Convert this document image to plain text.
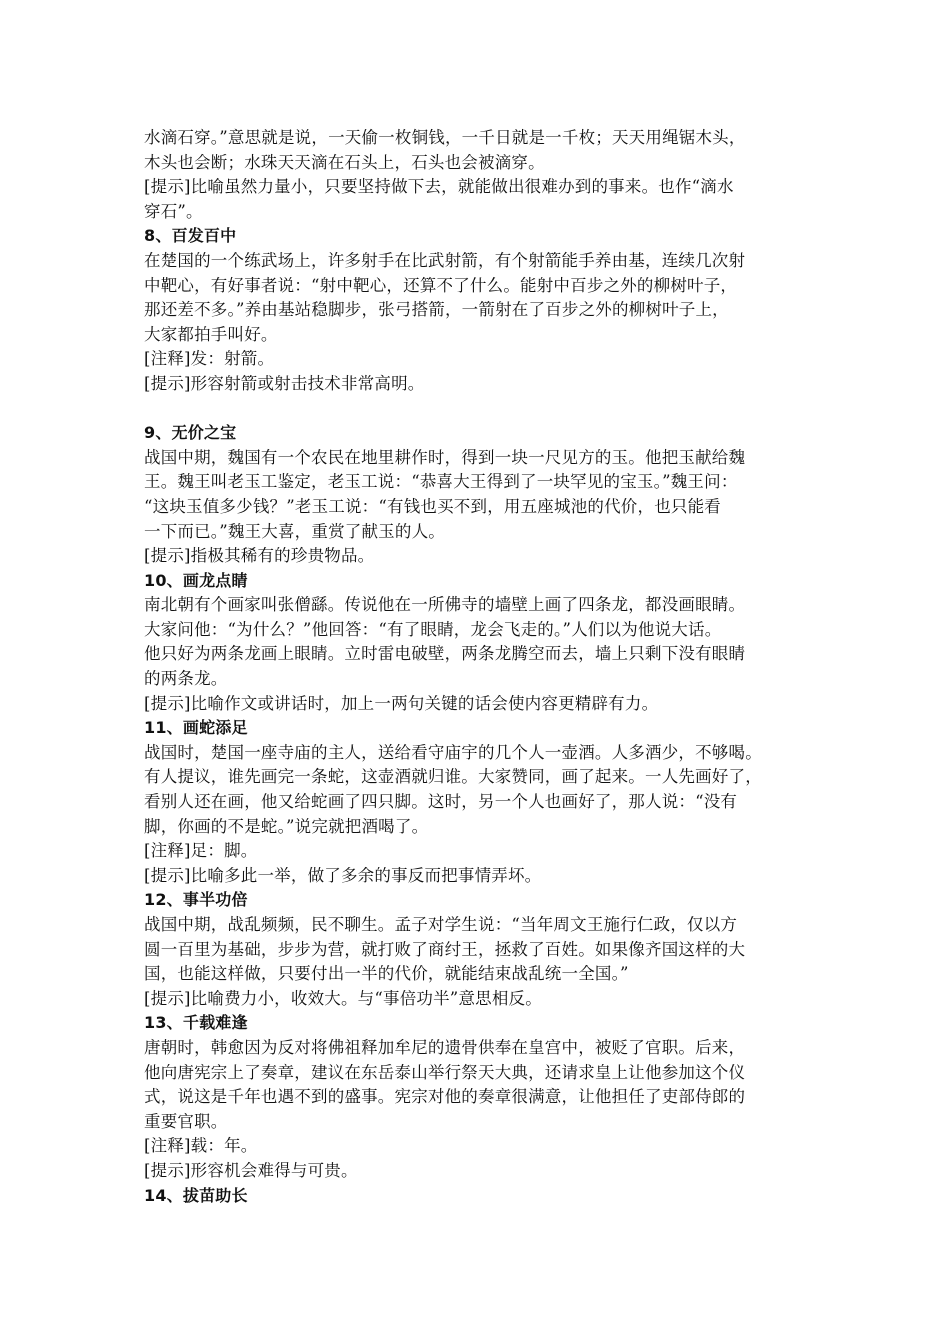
水滴石穿。”意思就是说，一天偷一枚铜钱，一千日就是一千枚；天天用绳锯木头，
木头也会断；水珠天天滴在石头上，石头也会被滴穿。
[提示]比喻虽然力量小，只要坚持做下去，就能做出很难办到的事来。也作“滴水
穿石”。
8、百发百中
在楚国的一个练武场上，许多射手在比武射箭，有个射箭能手养由基，连续几次射
中靶心，有好事者说：“射中靶心，还算不了什么。能射中百步之外的柳树叶子，
那还差不多。”养由基站稳脚步，张弓搭箭，一箭射在了百步之外的柳树叶子上，
大家都拍手叫好。
[注释]发：射箭。
[提示]形容射箭或射击技术非常高明。
9、无价之宝
战国中期，魏国有一个农民在地里耕作时，得到一块一尺见方的玉。他把玉献给魏
王。魏王叫老玉工鉴定，老玉工说：“恭喜大王得到了一块罕见的宝玉。”魏王问：
“这块玉值多少钱？”老玉工说：“有钱也买不到，用五座城池的代价，也只能看
一下而已。”魏王大喜，重赏了献玉的人。
[提示]指极其稀有的珍贵物品。
10、画龙点睛
南北朝有个画家叫张僧繇。传说他在一所佛寺的墙壁上画了四条龙，都没画眼睛。
大家问他：“为什么？”他回答：“有了眼睛，龙会飞走的。”人们以为他说大话。
他只好为两条龙画上眼睛。立时雷电破壁，两条龙腾空而去，墙上只剩下没有眼睛
的两条龙。
[提示]比喻作文或讲话时，加上一两句关键的话会使内容更精辟有力。
11、画蛇添足
战国时，楚国一座寺庙的主人，送给看守庙宇的几个人一壶酒。人多酒少，不够喝。
有人提议，谁先画完一条蛇，这壶酒就归谁。大家赞同，画了起来。一人先画好了，
看别人还在画，他又给蛇画了四只脚。这时，另一个人也画好了，那人说：“没有
脚，你画的不是蛇。”说完就把酒喝了。
[注释]足：脚。
[提示]比喻多此一举，做了多余的事反而把事情弄坏。
12、事半功倍
战国中期，战乱频频，民不聊生。孟子对学生说：“当年周文王施行仁政，仅以方
圆一百里为基础，步步为营，就打败了商纣王，拯救了百姓。如果像齐国这样的大
国，也能这样做，只要付出一半的代价，就能结束战乱统一全国。”
[提示]比喻费力小，收效大。与“事倍功半”意思相反。
13、千载难逢
唐朝时，韩愈因为反对将佛祖释加牟尼的遗骨供奉在皇宫中，被贬了官职。后来，
他向唐宪宗上了奏章，建议在东岳泰山举行祭天大典，还请求皇上让他参加这个仪
式，说这是千年也遇不到的盛事。宪宗对他的奏章很满意，让他担任了吏部侍郎的
重要官职。
[注释]载：年。
[提示]形容机会难得与可贵。
14、拔苗助长
